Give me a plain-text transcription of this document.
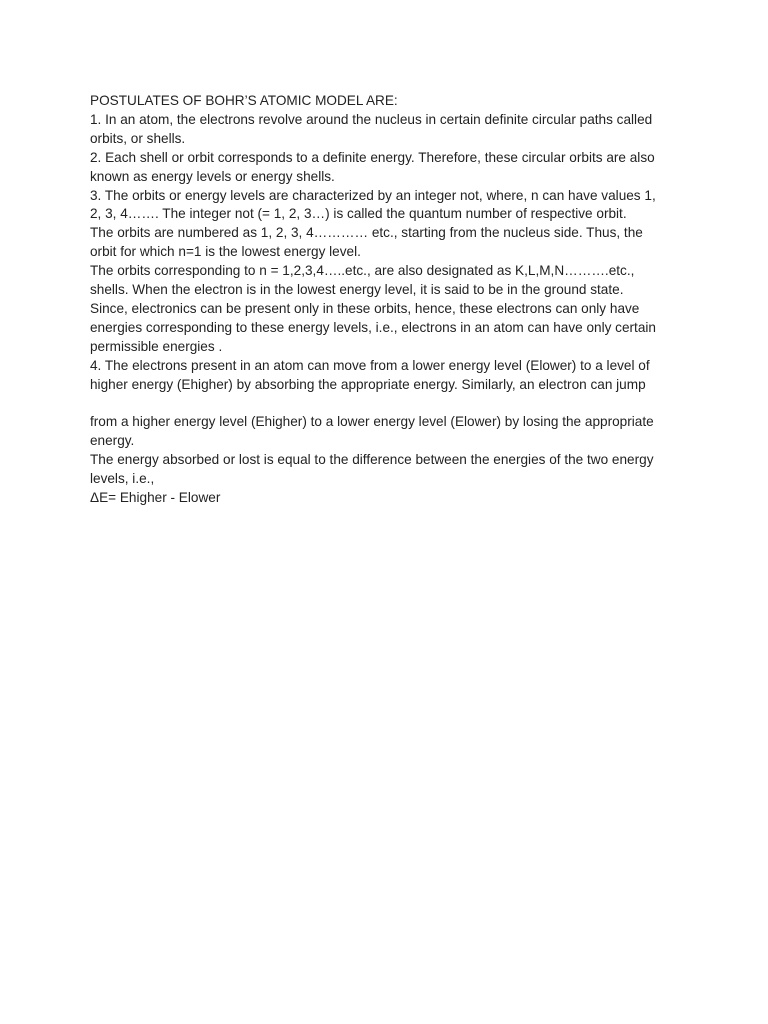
POSTULATES OF BOHR’S ATOMIC MODEL ARE:
1. In an atom, the electrons revolve around the nucleus in certain definite circular paths called
orbits, or shells.
2. Each shell or orbit corresponds to a definite energy. Therefore, these circular orbits are also
known as energy levels or energy shells.
3. The orbits or energy levels are characterized by an integer not, where, n can have values 1,
2, 3, 4……. The integer not (= 1, 2, 3…) is called the quantum number of respective orbit.
The orbits are numbered as 1, 2, 3, 4………… etc., starting from the nucleus side. Thus, the
orbit for which n=1 is the lowest energy level.
The orbits corresponding to n = 1,2,3,4…..etc., are also designated as K,L,M,N……….etc.,
shells. When the electron is in the lowest energy level, it is said to be in the ground state.
Since, electronics can be present only in these orbits, hence, these electrons can only have
energies corresponding to these energy levels, i.e., electrons in an atom can have only certain
permissible energies .
4. The electrons present in an atom can move from a lower energy level (Elower) to a level of
higher energy (Ehigher) by absorbing the appropriate energy. Similarly, an electron can jump
from a higher energy level (Ehigher) to a lower energy level (Elower) by losing the appropriate
energy.
The energy absorbed or lost is equal to the difference between the energies of the two energy
levels, i.e.,
ΔE= Ehigher - Elower
